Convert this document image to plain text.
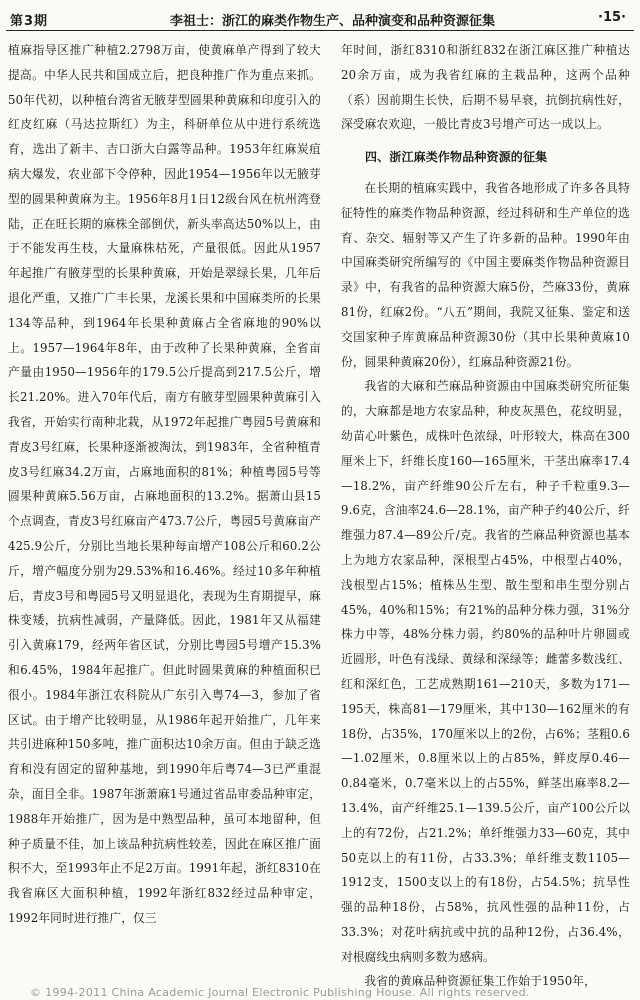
第3期	李祖士：浙江的麻类作物生产、品种演变和品种资源征集	·15·

植麻指导区推广种植2.2798万亩，使黄麻单产得到了较大提高。中华人民共和国成立后，把良种推广作为重点来抓。50年代初，以种植台湾省无腋芽型圆果种黄麻和印度引入的红皮红麻（马达拉斯红）为主，科研单位从中进行系统选育，选出了新丰、吉口浙大白露等品种。1953年红麻炭疽病大爆发，农业部下令停种，因此1954—1956年以无腋芽型的圆果种黄麻为主。1956年8月1日12级台风在杭州湾登陆，正在旺长期的麻株全部倒伏，新头率高达50%以上，由于不能发再生枝，大量麻株枯死，产量很低。因此从1957年起推广有腋芽型的长果种黄麻，开始是翠绿长果，几年后退化严重，又推广广丰长果，龙溪长果和中国麻类所的长果134等品种，到1964年长果种黄麻占全省麻地的90%以上。1957—1964年8年，由于改种了长果种黄麻，全省亩产量由1950—1956年的179.5公斤提高到217.5公斤，增长21.20%。进入70年代后，南方有腋芽型圆果种黄麻引入我省，开始实行南种北栽，从1972年起推广粤园5号黄麻和青皮3号红麻，长果种逐渐被淘汰，到1983年，全省种植青皮3号红麻34.2万亩，占麻地面积的81%；种植粤园5号等圆果种黄麻5.56万亩，占麻地面积的13.2%。据萧山县15个点调查，青皮3号红麻亩产473.7公斤，粤园5号黄麻亩产425.9公斤，分别比当地长果种每亩增产108公斤和60.2公斤，增产幅度分别为29.53%和16.46%。经过10多年种植后，青皮3号和粤园5号又明显退化，表现为生育期提早，麻株变矮，抗病性减弱，产量降低。因此，1981年又从福建引入黄麻179，经两年省区试，分别比粤园5号增产15.3%和6.45%，1984年起推广。但此时圆果黄麻的种植面积已很小。1984年浙江农科院从广东引入粤74—3，参加了省区试。由于增产比较明显，从1986年起开始推广，几年来共引进麻种150多吨，推广面积达10余万亩。但由于缺乏选育和没有固定的留种基地，到1990年后粤74—3已严重混杂，面目全非。1987年浙萧麻1号通过省品审委品种审定，1988年开始推广，因为是中熟型品种，虽可本地留种，但种子质量不佳，加上该品种抗病性较差，因此在麻区推广面积不大，至1993年止不足2万亩。1991年起，浙红8310在我省麻区大面积种植，1992年浙红832经过品种审定，1992年同时进行推广，仅三

年时间，浙红8310和浙红832在浙江麻区推广种植达20余万亩，成为我省红麻的主栽品种，这两个品种（系）因前期生长快，后期不易早衰，抗倒抗病性好，深受麻农欢迎，一般比青皮3号增产可达一成以上。

四、浙江麻类作物品种资源的征集

在长期的植麻实践中，我省各地形成了许多各具特征特性的麻类作物品种资源，经过科研和生产单位的选育、杂交、辐射等又产生了许多新的品种。1990年由中国麻类研究所编写的《中国主要麻类作物品种资源目录》中，有我省的品种资源大麻5份，苎麻33份，黄麻81份，红麻2份。“八五”期间，我院又征集、鉴定和送交国家种子库黄麻品种资源30份（其中长果种黄麻10份，圆果种黄麻20份），红麻品种资源21份。

我省的大麻和苎麻品种资源由中国麻类研究所征集的，大麻都是地方农家品种，种皮灰黑色，花纹明显，幼苗心叶紫色，成株叶色浓绿，叶形较大，株高在300厘米上下，纤维长度160—165厘米，干茎出麻率17.4—18.2%，亩产纤维90公斤左右，种子千粒重9.3—9.6克，含油率24.6—28.1%，亩产种子约40公斤，纤维强力87.4—89公斤/克。我省的苎麻品种资源也基本上为地方农家品种，深根型占45%，中根型占40%，浅根型占15%；植株丛生型、散生型和串生型分别占45%，40%和15%；有21%的品种分株力强，31%分株力中等，48%分株力弱，约80%的品种叶片卵圆或近圆形，叶色有浅绿、黄绿和深绿等；雌蕾多数浅红、红和深红色，工艺成熟期161—210天，多数为171—195天，株高81—179厘米，其中130—162厘米的有18份，占35%，170厘米以上的2份，占6%；茎粗0.6—1.02厘米，0.8厘米以上的占85%，鲜皮厚0.46—0.84毫米，0.7毫米以上的占55%，鲜茎出麻率8.2—13.4%，亩产纤维25.1—139.5公斤，亩产100公斤以上的有72份，占21.2%；单纤维强力33—60克，其中50克以上的有11份，占33.3%；单纤维支数1105—1912支，1500支以上的有18份，占54.5%；抗旱性强的品种18份，占58%，抗风性强的品种11份，占33.3%；对花叶病抗或中抗的品种12份，占36.4%，对根腐线虫病则多数为感病。

我省的黄麻品种资源征集工作始于1950年，

© 1994-2011 China Academic Journal Electronic Publishing House. All rights reserved.
